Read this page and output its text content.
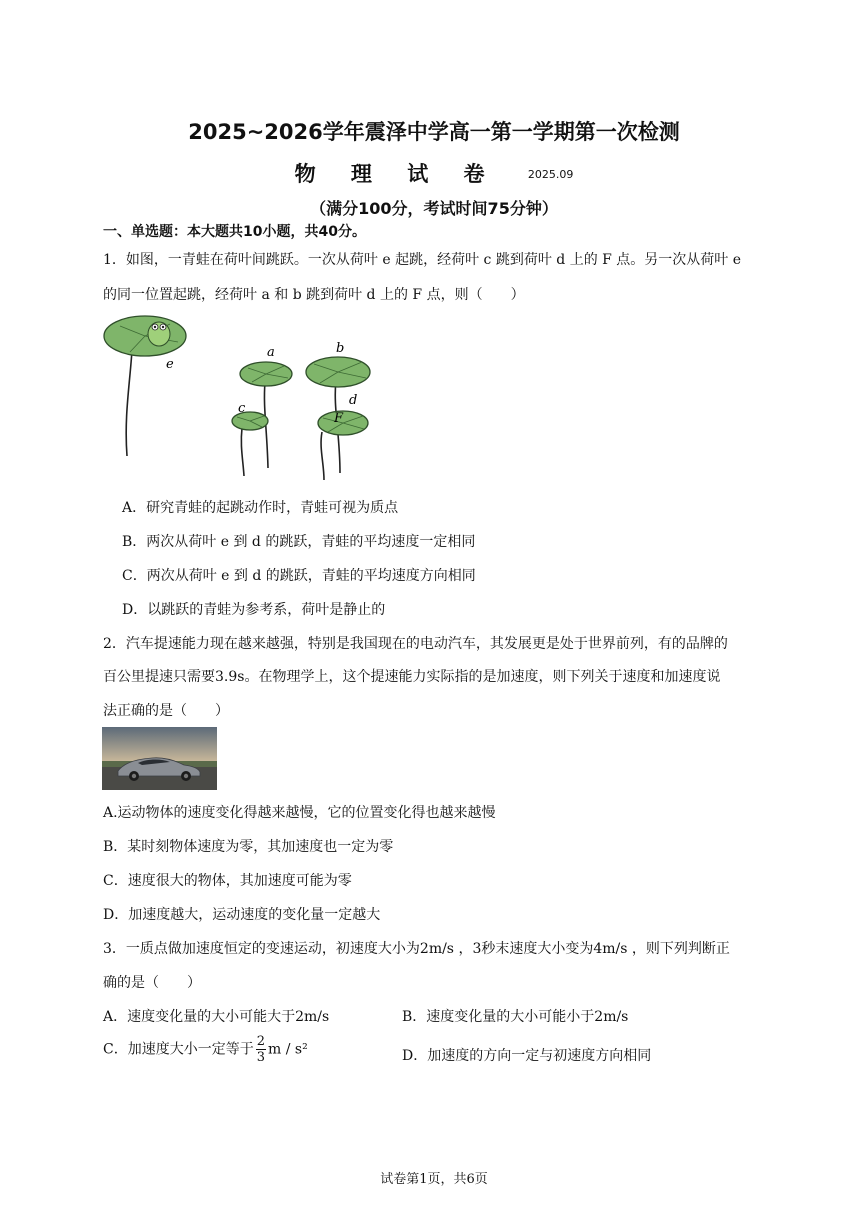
2025~2026学年震泽中学高一第一学期第一次检测
物 理 试 卷	2025.09
（满分100分，考试时间75分钟）
一、单选题：本大题共10小题，共40分。
1．如图，一青蛙在荷叶间跳跃。一次从荷叶 e 起跳，经荷叶 c 跳到荷叶 d 上的 F 点。另一次从荷叶 e
的同一位置起跳，经荷叶 a 和 b 跳到荷叶 d 上的 F 点，则（　　）
e
a
c
b
d
F
A．研究青蛙的起跳动作时，青蛙可视为质点
B．两次从荷叶 e 到 d 的跳跃，青蛙的平均速度一定相同
C．两次从荷叶 e 到 d 的跳跃，青蛙的平均速度方向相同
D．以跳跃的青蛙为参考系，荷叶是静止的
2．汽车提速能力现在越来越强，特别是我国现在的电动汽车，其发展更是处于世界前列，有的品牌的
百公里提速只需要3.9s。在物理学上，这个提速能力实际指的是加速度，则下列关于速度和加速度说
法正确的是（　　）
A.运动物体的速度变化得越来越慢，它的位置变化得也越来越慢
B．某时刻物体速度为零，其加速度也一定为零
C．速度很大的物体，其加速度可能为零
D．加速度越大，运动速度的变化量一定越大
3．一质点做加速度恒定的变速运动，初速度大小为2m/s ，3秒末速度大小变为4m/s ，则下列判断正
确的是（　　）
A．速度变化量的大小可能大于2m/s	B．速度变化量的大小可能小于2m/s
C．加速度大小一定等于 $\frac{2}{3}$ m / s²	D．加速度的方向一定与初速度方向相同
试卷第1页，共6页
